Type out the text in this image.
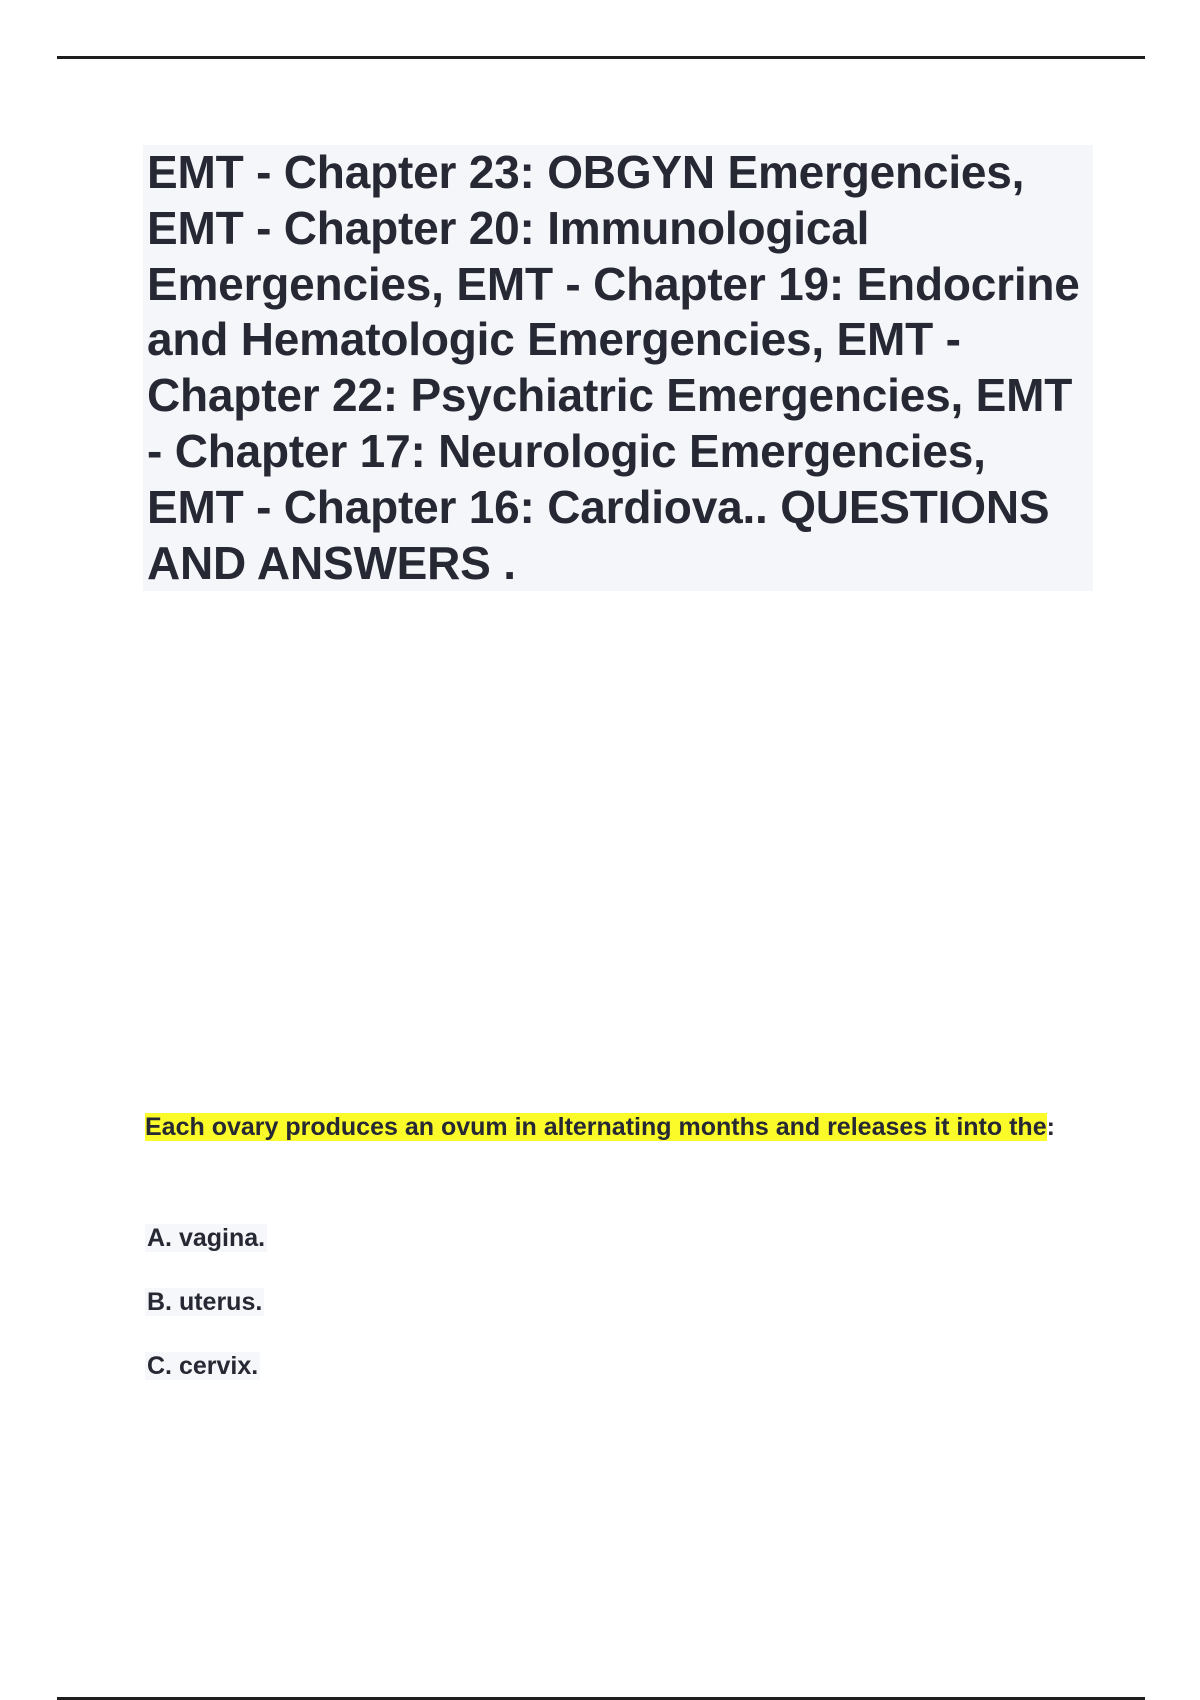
EMT - Chapter 23: OBGYN Emergencies, EMT - Chapter 20: Immunological Emergencies, EMT - Chapter 19: Endocrine and Hematologic Emergencies, EMT - Chapter 22: Psychiatric Emergencies, EMT - Chapter 17: Neurologic Emergencies, EMT - Chapter 16: Cardiova.. QUESTIONS AND ANSWERS .

Each ovary produces an ovum in alternating months and releases it into the:

A. vagina.
B. uterus.
C. cervix.
